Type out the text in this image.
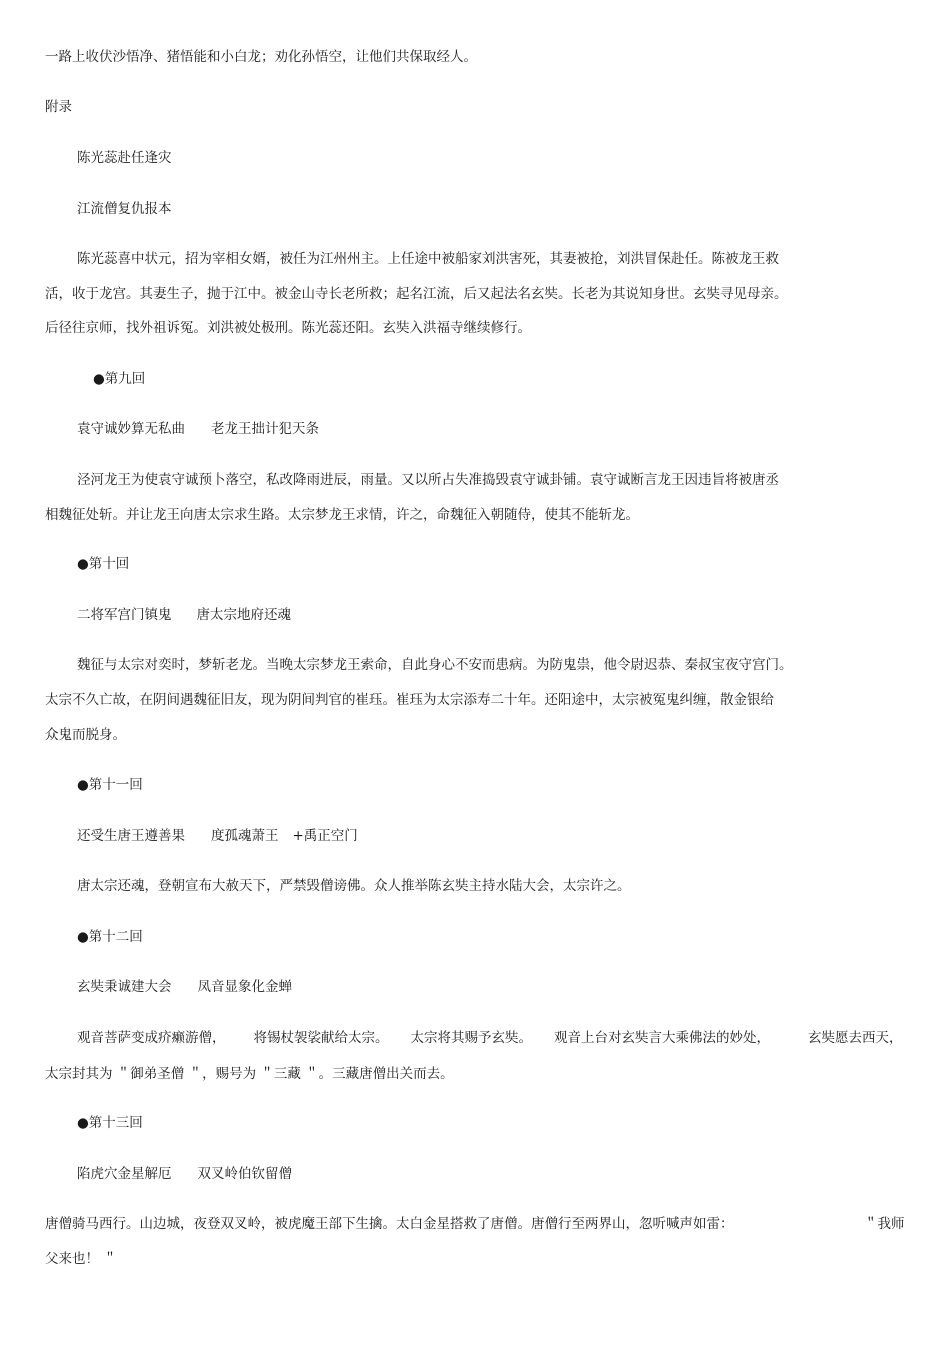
一路上收伏沙悟净、猪悟能和小白龙；劝化孙悟空，让他们共保取经人。
附录
陈光蕊赴任逢灾
江流僧复仇报本
陈光蕊喜中状元，招为宰相女婿，被任为江州州主。上任途中被船家刘洪害死，其妻被抢，刘洪冒保赴任。陈被龙王救
活，收于龙宫。其妻生子，抛于江中。被金山寺长老所救；起名江流，后又起法名玄奘。长老为其说知身世。玄奘寻见母亲。
后径往京师，找外祖诉冤。刘洪被处极刑。陈光蕊还阳。玄奘入洪福寺继续修行。
●第九回
袁守诚妙算无私曲 老龙王拙计犯天条
泾河龙王为使袁守诚预卜落空，私改降雨进辰，雨量。又以所占失准捣毁袁守诚卦铺。袁守诚断言龙王因违旨将被唐丞
相魏征处斩。并让龙王向唐太宗求生路。太宗梦龙王求情，许之，命魏征入朝随侍，使其不能斩龙。
●第十回
二将军宫门镇鬼 唐太宗地府还魂
魏征与太宗对奕时，梦斩老龙。当晚太宗梦龙王索命，自此身心不安而患病。为防鬼祟，他令尉迟恭、秦叔宝夜守宫门。
太宗不久亡故，在阴间遇魏征旧友，现为阴间判官的崔珏。崔珏为太宗添寿二十年。还阳途中，太宗被冤鬼纠缠，散金银给
众鬼而脱身。
●第十一回
还受生唐王遵善果 度孤魂萧王 +禹正空门
唐太宗还魂，登朝宣布大赦天下，严禁毁僧谤佛。众人推举陈玄奘主持水陆大会，太宗许之。
●第十二回
玄奘秉诚建大会 凤音显象化金蝉
观音菩萨变成疥癞游僧， 将锡杖袈裟献给太宗。 太宗将其赐予玄奘。 观音上台对玄奘言大乘佛法的妙处，	玄奘愿去西天，
太宗封其为 ＂御弟圣僧 ＂，赐号为 ＂三藏 ＂。三藏唐僧出关而去。
●第十三回
陷虎穴金星解厄 双叉岭伯钦留僧
唐僧骑马西行。山边城，夜登双叉岭，被虎魔王部下生擒。太白金星搭救了唐僧。唐僧行至两界山，忽听喊声如雷：	＂我师
父来也！ ＂
